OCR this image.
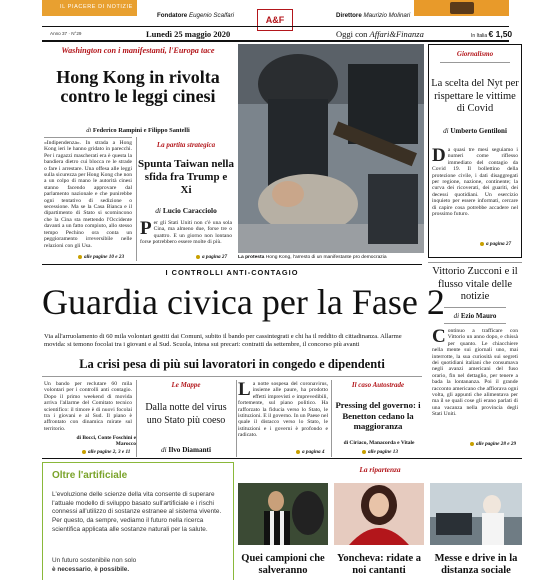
IL PIACERE DI NOTIZIE
Fondatore Eugenio Scalfari	A&F	Direttore Maurizio Molinari
Anno 37 · N°29	Lunedì 25 maggio 2020	Oggi con Affari&Finanza	In Italia € 1,50
Washington con i manifestanti, l'Europa tace
Hong Kong in rivolta contro le leggi cinesi
di Federico Rampini e Filippo Santelli
«Indipendenza». In strada a Hong Kong ieri le hanno gridato in parecchi. Per i ragazzi mascherati era è questa la bandiera dietro cui blocca re le strade o fare i arrestare. Una offesa alle leggi sulla sicurezza per Hong Kong che non a un colpo di mano le autorità cinesi stanno facendo approvare dal parlamento nazionale e che punirebbe ogni tentativo di sedizione o secessione. Ma se la Casa Bianca e il dipartimento di Stato si scomincono che la Cina sta mettendo l'Occidente davanti a un fatto compiuto, allo stesso tempo Pechino ora conta un peggioramento irreversibile nelle relazioni con gli Usa.
alle pagine 10 e 23
La partita strategica
Spunta Taiwan nella sfida fra Trump e Xi
di Lucio Caracciolo
Per gli Stati Uniti non c'è una sola Cina, ma almeno due, forse tre o quattro. E un giorno non lontano forse potrebbero essere molte di più.
a pagina 27 La protesta Hong Kong, l'arresto di un manifestante pro democrazia
Giornalismo
La scelta del Nyt per rispettare le vittime di Covid
di Umberto Gentiloni
Da quasi tre mesi seguiamo i numeri come riflesso immediato del contagio da Covid 19. Il bollettino della protezione civile, i dati disaggregati per regione, nazione, continente; la curva dei ricoverati, dei guariti, dei decessi quotidiani. Un esercizio inquieto per essere informati, cercare di capire cosa potrebbe accadere nel prossimo futuro.
a pagina 27
I CONTROLLI ANTI-CONTAGIO
Guardia civica per la Fase 2
Via all'arruolamento di 60 mila volontari gestiti dai Comuni, subito il bando per cassintegrati e chi ha il reddito di cittadinanza. Allarme movida: si temono focolai tra i giovani e al Sud. Scuola, intesa sui precari: contratti da settembre, il concorso più avanti
La crisi pesa di più sui lavoratori in congedo e dipendenti
Un bando per reclutare 60 mila volontari per i controlli anti contagio. Dopo il primo weekend di movida arriva l'allarme del Comitato tecnico scientifico: il timore è di nuovi focolai tra i giovani e al Sud. Il piano è affrontato con dinamica mirate sul territorio.
di Bocci, Conte Foschini e Marocco
alle pagine 2, 3 e 11
Le Mappe
Dalla notte del virus uno Stato più coeso
di Ilvo Diamanti
La notte sospesa del coronavirus, insieme alle paure, ha prodotto effetti imprevisti e imprevedibili, fortemente, sul piano politico. Ha rafforzato la fiducia verso lo Stato, le istituzioni. E il governo. In un Paese nel quale il distacco verso lo Stato, le istituzioni e i governi è profondo e radicato.
a pagina 4
Il caso Autostrade
Pressing del governo: i Benetton cedano la maggioranza
di Ciriaco, Manacorda e Vitale
alle pagine 13
Vittorio Zucconi e il flusso vitale delle notizie
di Ezio Mauro
Continuo a trafficare con Vittorio un anno dopo, e chissà per quanto. Le chiacchiere nella mente sui giornali uno, mai interrotte, la sua curiosità sui segreti dei quotidiani italiani che consumava negli avanzi americani del fuso orario, fin nel dettaglio, per tenere a bada la lontananza. Poi il grande racconto americano che affiorava ogni volta, gli appunti che alimentava per ma il se quali cose gli erano parlati di una vacanza nella provincia degli Stati Uniti.
alle pagine 28 e 29
Oltre l'artificiale
L'evoluzione delle scienze della vita consente di superare l'attuale modello di sviluppo basato sull'artificiale e i rischi connessi all'utilizzo di sostanze estranee al sistema vivente. Per questo, da sempre, vediamo il futuro nella ricerca scientifica applicata alle sostanze naturali per la salute.
Un futuro sostenibile non solo
è necessario, è possibile.
La ripartenza
Quei campioni che salveranno
Yoncheva: ridate a noi cantanti
Messe e drive in la distanza sociale
